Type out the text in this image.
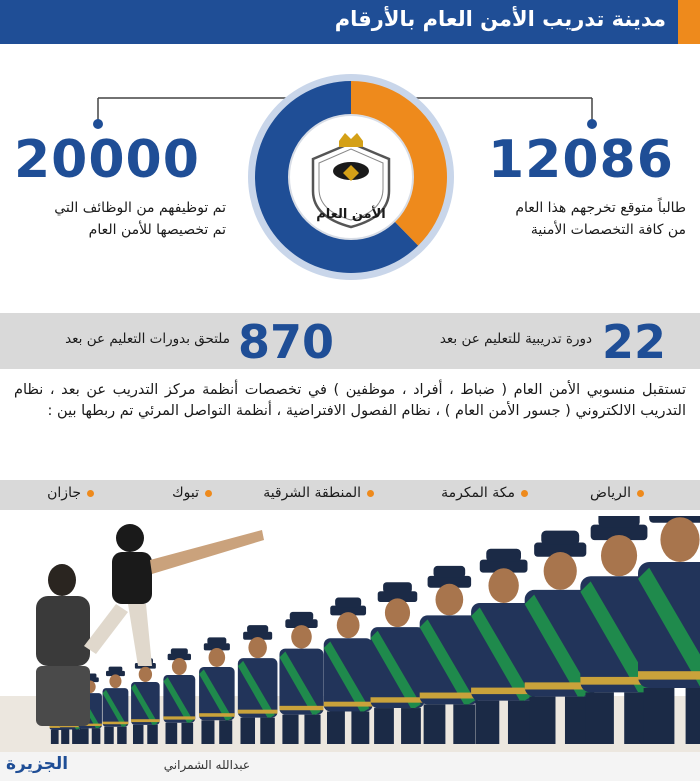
مدينة تدريب الأمن العام بالأرقام
الأمن العام
12086
طالباً متوقع تخرجهم هذا العام
من كافة التخصصات الأمنية
20000
تم توظيفهم من الوظائف التي
تم تخصيصها للأمن العام
22
دورة تدريبية للتعليم عن بعد
870
ملتحق بدورات التعليم عن بعد
تستقبل منسوبي الأمن العام ( ضباط ، أفراد ، موظفين ) في تخصصات أنظمة مركز التدريب عن بعد ، نظام التدريب الالكتروني ( جسور الأمن العام ) ، نظام الفصول الافتراضية ، أنظمة التواصل المرئي تم ربطها بين :
الرياض
مكة المكرمة
المنطقة الشرقية
تبوك
جازان
الجزيرة	عبدالله الشمراني
